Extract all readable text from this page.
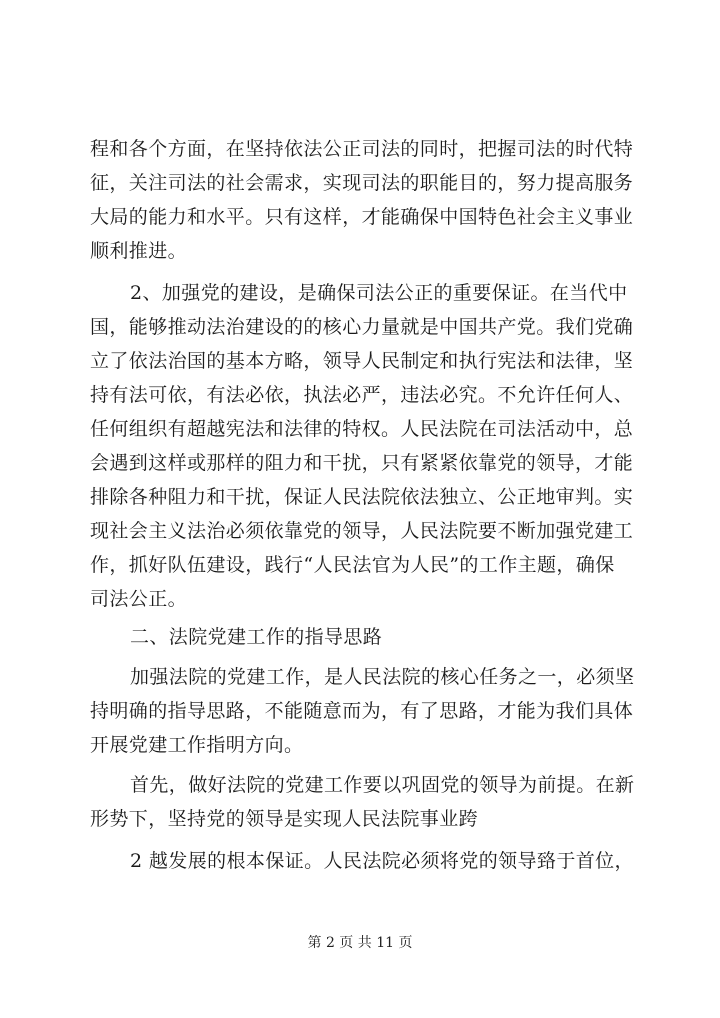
程和各个方面，在坚持依法公正司法的同时，把握司法的时代特
征，关注司法的社会需求，实现司法的职能目的，努力提高服务
大局的能力和水平。只有这样，才能确保中国特色社会主义事业
顺利推进。
2、加强党的建设，是确保司法公正的重要保证。在当代中
国，能够推动法治建设的的核心力量就是中国共产党。我们党确
立了依法治国的基本方略，领导人民制定和执行宪法和法律，坚
持有法可依，有法必依，执法必严，违法必究。不允许任何人、
任何组织有超越宪法和法律的特权。人民法院在司法活动中，总
会遇到这样或那样的阻力和干扰，只有紧紧依靠党的领导，才能
排除各种阻力和干扰，保证人民法院依法独立、公正地审判。实
现社会主义法治必须依靠党的领导，人民法院要不断加强党建工
作，抓好队伍建设，践行“人民法官为人民”的工作主题，确保
司法公正。
二、法院党建工作的指导思路
加强法院的党建工作，是人民法院的核心任务之一，必须坚
持明确的指导思路，不能随意而为，有了思路，才能为我们具体
开展党建工作指明方向。
首先，做好法院的党建工作要以巩固党的领导为前提。在新
形势下，坚持党的领导是实现人民法院事业跨
2 越发展的根本保证。人民法院必须将党的领导臵于首位，
第 2 页 共 11 页
